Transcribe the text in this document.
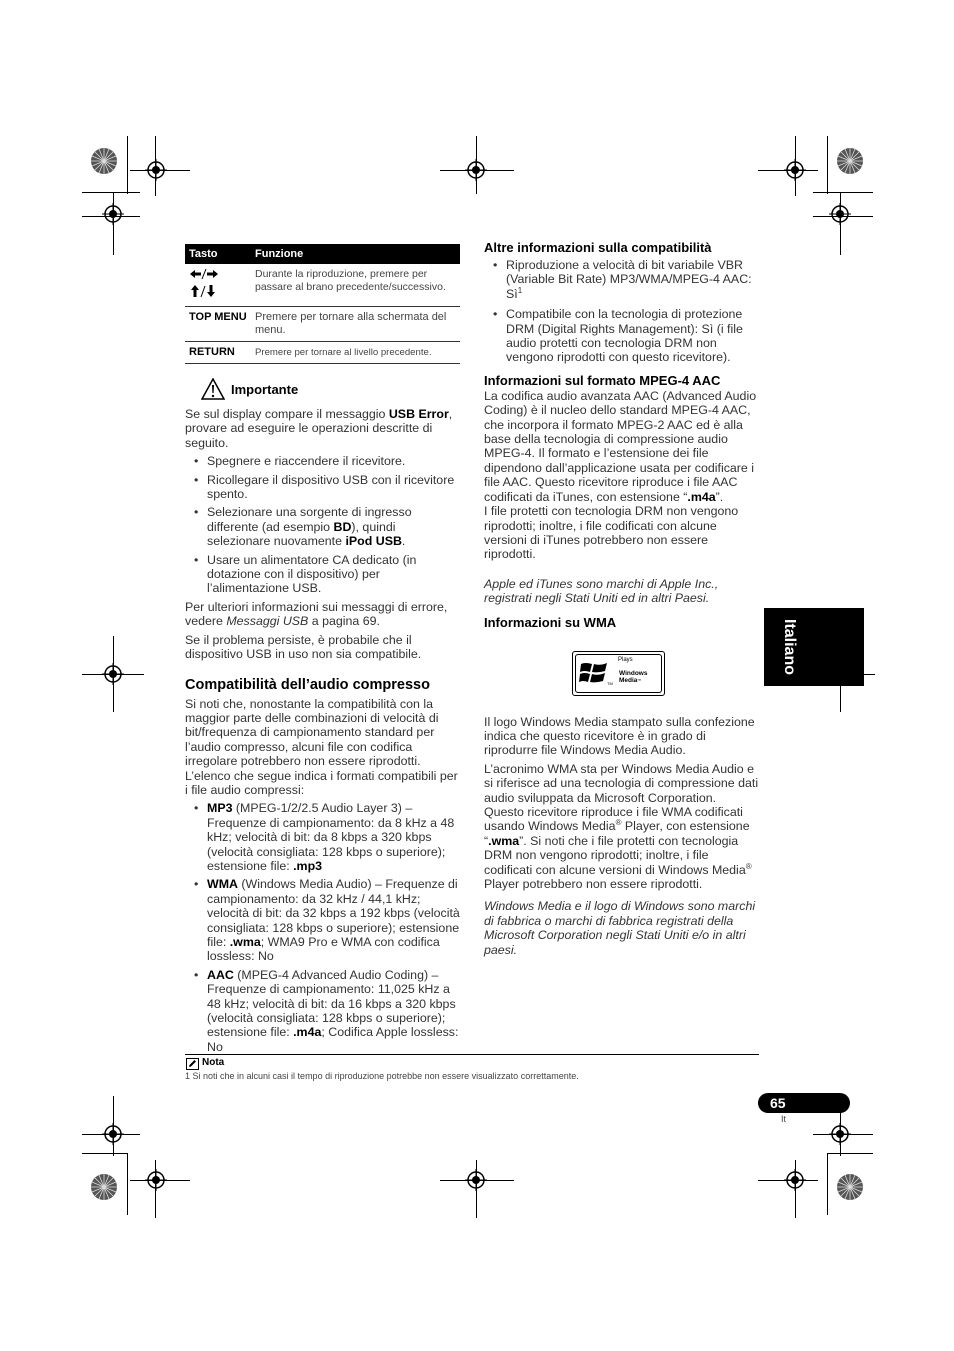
Tasto	Funzione

	Durante la riproduzione, premere per passare al brano precedente/successivo.
TOP MENU	Premere per tornare alla schermata del menu.
RETURN	Premere per tornare al livello precedente.
Importante

Se sul display compare il messaggio USB Error, provare ad eseguire le operazioni descritte di seguito.

• Spegnere e riaccendere il ricevitore.
• Ricollegare il dispositivo USB con il ricevitore spento.
• Selezionare una sorgente di ingresso differente (ad esempio BD), quindi selezionare nuovamente iPod USB.
• Usare un alimentatore CA dedicato (in dotazione con il dispositivo) per l’alimentazione USB.

Per ulteriori informazioni sui messaggi di errore, vedere Messaggi USB a pagina 69.

Se il problema persiste, è probabile che il dispositivo USB in uso non sia compatibile.

Compatibilità dell’audio compresso

Si noti che, nonostante la compatibilità con la maggior parte delle combinazioni di velocità di bit/frequenza di campionamento standard per l’audio compresso, alcuni file con codifica irregolare potrebbero non essere riprodotti. L’elenco che segue indica i formati compatibili per i file audio compressi:

• MP3 (MPEG-1/2/2.5 Audio Layer 3) – Frequenze di campionamento: da 8 kHz a 48 kHz; velocità di bit: da 8 kbps a 320 kbps (velocità consigliata: 128 kbps o superiore); estensione file: .mp3
• WMA (Windows Media Audio) – Frequenze di campionamento: da 32 kHz / 44,1 kHz; velocità di bit: da 32 kbps a 192 kbps (velocità consigliata: 128 kbps o superiore); estensione file: .wma; WMA9 Pro e WMA con codifica lossless: No
• AAC (MPEG-4 Advanced Audio Coding) – Frequenze di campionamento: 11,025 kHz a 48 kHz; velocità di bit: da 16 kbps a 320 kbps (velocità consigliata: 128 kbps o superiore); estensione file: .m4a; Codifica Apple lossless: No
Altre informazioni sulla compatibilità
• Riproduzione a velocità di bit variabile VBR (Variable Bit Rate) MP3/WMA/MPEG-4 AAC: $Sì^1$
• Compatibile con la tecnologia di protezione DRM (Digital Rights Management): Sì (i file audio protetti con tecnologia DRM non vengono riprodotti con questo ricevitore).
Informazioni sul formato MPEG-4 AAC

La codifica audio avanzata AAC (Advanced Audio Coding) è il nucleo dello standard MPEG-4 AAC, che incorpora il formato MPEG-2 AAC ed è alla base della tecnologia di compressione audio MPEG-4. Il formato e l’estensione dei file dipendono dall’applicazione usata per codificare i file AAC. Questo ricevitore riproduce i file AAC codificati da iTunes, con estensione “.m4a”.

I file protetti con tecnologia DRM non vengono riprodotti; inoltre, i file codificati con alcune versioni di iTunes potrebbero non essere riprodotti.

Apple ed iTunes sono marchi di Apple Inc., registrati negli Stati Uniti ed in altri Paesi.

Informazioni su WMA
Plays
Windows
Media™
TM

Il logo Windows Media stampato sulla confezione indica che questo ricevitore è in grado di riprodurre file Windows Media Audio.

L’acronimo WMA sta per Windows Media Audio e si riferisce ad una tecnologia di compressione dati audio sviluppata da Microsoft Corporation. Questo ricevitore riproduce i file WMA codificati usando Windows Media® Player, con estensione “.wma”. Si noti che i file protetti con tecnologia DRM non vengono riprodotti; inoltre, i file codificati con alcune versioni di Windows Media® Player potrebbero non essere riprodotti.

Windows Media e il logo di Windows sono marchi di fabbrica o marchi di fabbrica registrati della Microsoft Corporation negli Stati Uniti e/o in altri paesi.

Italiano
Nota
1 Si noti che in alcuni casi il tempo di riproduzione potrebbe non essere visualizzato correttamente.
65
It
